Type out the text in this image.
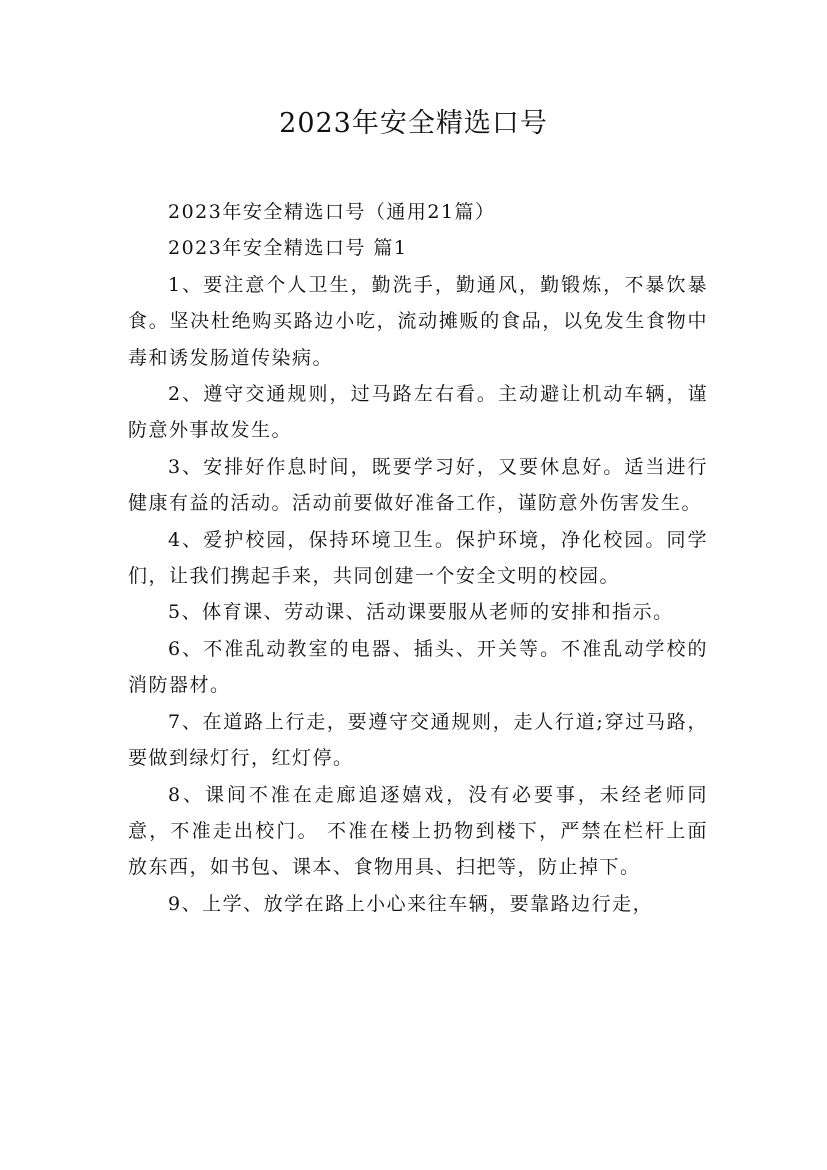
2023年安全精选口号

2023年安全精选口号（通用21篇）

2023年安全精选口号 篇1

1、要注意个人卫生，勤洗手，勤通风，勤锻炼，不暴饮暴食。坚决杜绝购买路边小吃，流动摊贩的食品，以免发生食物中毒和诱发肠道传染病。

2、遵守交通规则，过马路左右看。主动避让机动车辆，谨防意外事故发生。

3、安排好作息时间，既要学习好，又要休息好。适当进行健康有益的活动。活动前要做好准备工作，谨防意外伤害发生。

4、爱护校园，保持环境卫生。保护环境，净化校园。同学们，让我们携起手来，共同创建一个安全文明的校园。

5、体育课、劳动课、活动课要服从老师的安排和指示。

6、不准乱动教室的电器、插头、开关等。不准乱动学校的消防器材。

7、在道路上行走，要遵守交通规则，走人行道;穿过马路，要做到绿灯行，红灯停。

8、课间不准在走廊追逐嬉戏，没有必要事，未经老师同意，不准走出校门。 不准在楼上扔物到楼下，严禁在栏杆上面放东西，如书包、课本、食物用具、扫把等，防止掉下。

9、上学、放学在路上小心来往车辆，要靠路边行走，
